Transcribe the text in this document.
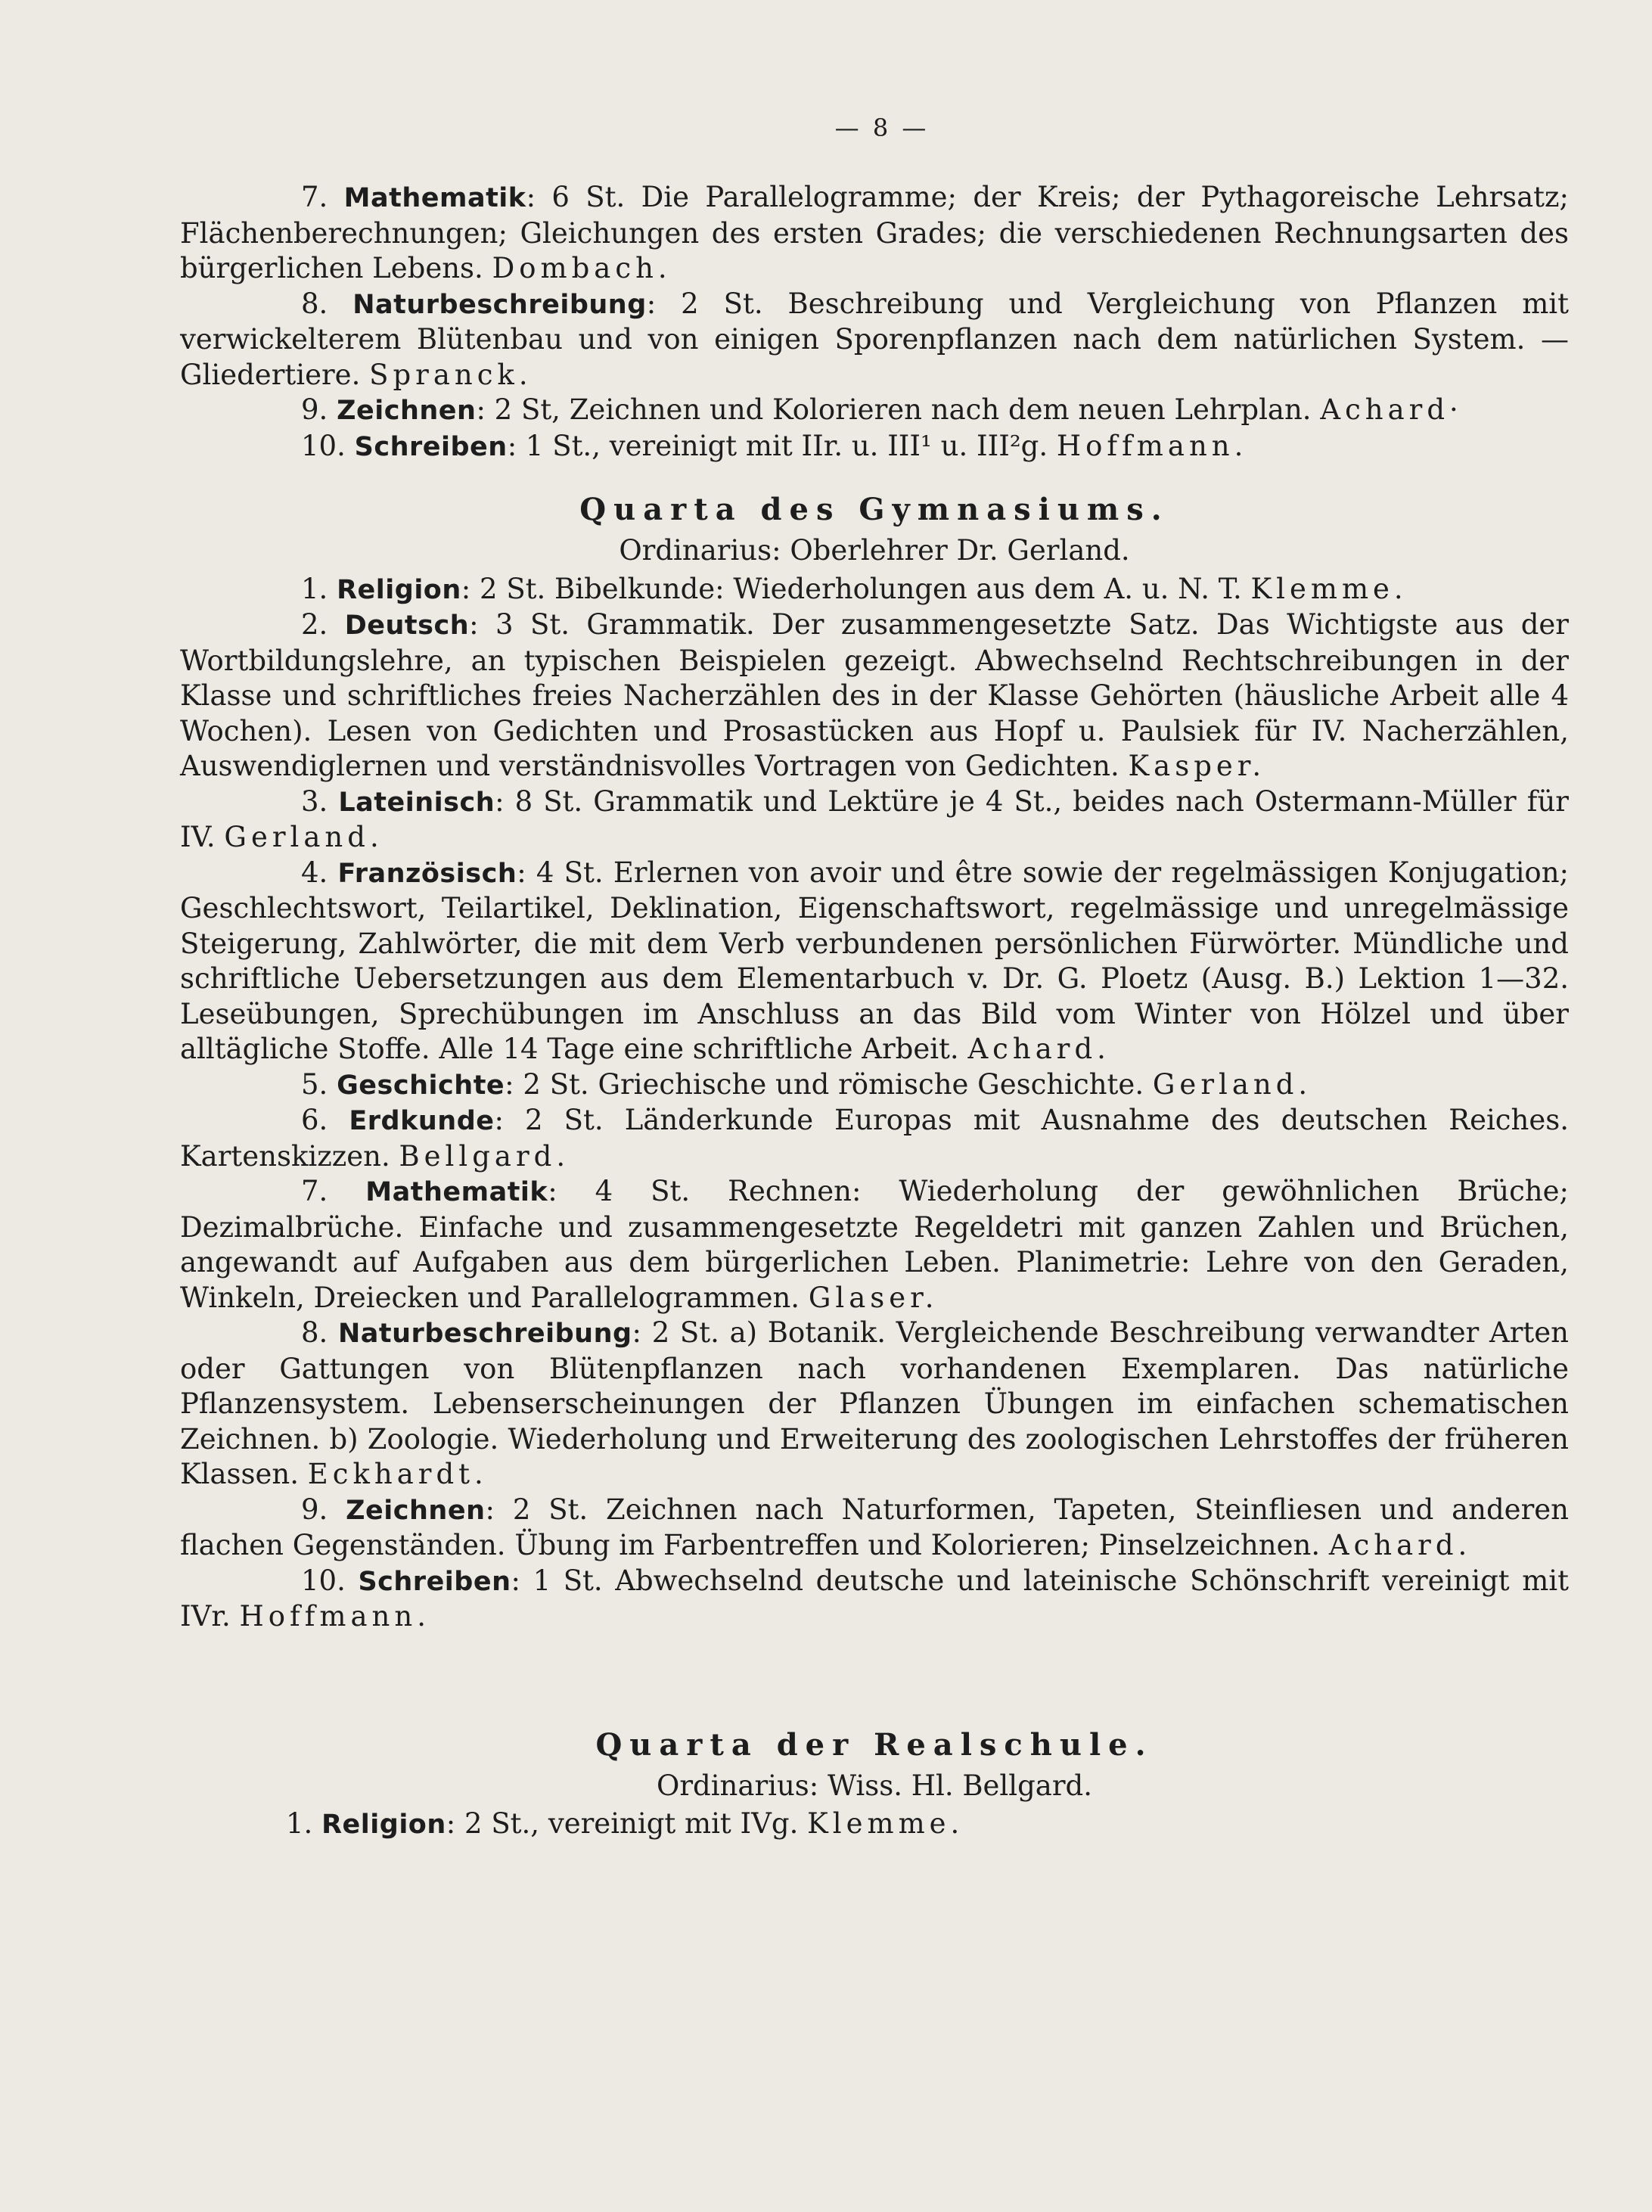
— 8 —

7. Mathematik: 6 St. Die Parallelogramme; der Kreis; der Pythagoreische Lehrsatz; Flächenberechnungen; Gleichungen des ersten Grades; die verschiedenen Rechnungsarten des bürgerlichen Lebens. Dombach.

8. Naturbeschreibung: 2 St. Beschreibung und Vergleichung von Pflanzen mit verwickelterem Blütenbau und von einigen Sporenpflanzen nach dem natürlichen System. — Gliedertiere. Spranck.

9. Zeichnen: 2 St, Zeichnen und Kolorieren nach dem neuen Lehrplan. Achard·

10. Schreiben: 1 St., vereinigt mit IIr. u. III¹ u. III²g. Hoffmann.

Quarta des Gymnasiums.
Ordinarius: Oberlehrer Dr. Gerland.

1. Religion: 2 St. Bibelkunde: Wiederholungen aus dem A. u. N. T. Klemme.

2. Deutsch: 3 St. Grammatik. Der zusammengesetzte Satz. Das Wichtigste aus der Wortbildungslehre, an typischen Beispielen gezeigt. Abwechselnd Rechtschreibungen in der Klasse und schriftliches freies Nacherzählen des in der Klasse Gehörten (häusliche Arbeit alle 4 Wochen). Lesen von Gedichten und Prosastücken aus Hopf u. Paulsiek für IV. Nacherzählen, Auswendiglernen und verständnisvolles Vortragen von Gedichten. Kasper.

3. Lateinisch: 8 St. Grammatik und Lektüre je 4 St., beides nach Ostermann-Müller für IV. Gerland.

4. Französisch: 4 St. Erlernen von avoir und être sowie der regelmässigen Konjugation; Geschlechtswort, Teilartikel, Deklination, Eigenschaftswort, regelmässige und unregelmässige Steigerung, Zahlwörter, die mit dem Verb verbundenen persönlichen Fürwörter. Mündliche und schriftliche Uebersetzungen aus dem Elementarbuch v. Dr. G. Ploetz (Ausg. B.) Lektion 1—32. Leseübungen, Sprechübungen im Anschluss an das Bild vom Winter von Hölzel und über alltägliche Stoffe. Alle 14 Tage eine schriftliche Arbeit. Achard.

5. Geschichte: 2 St. Griechische und römische Geschichte. Gerland.

6. Erdkunde: 2 St. Länderkunde Europas mit Ausnahme des deutschen Reiches. Kartenskizzen. Bellgard.

7. Mathematik: 4 St. Rechnen: Wiederholung der gewöhnlichen Brüche; Dezimalbrüche. Einfache und zusammengesetzte Regeldetri mit ganzen Zahlen und Brüchen, angewandt auf Aufgaben aus dem bürgerlichen Leben. Planimetrie: Lehre von den Geraden, Winkeln, Dreiecken und Parallelogrammen. Glaser.

8. Naturbeschreibung: 2 St. a) Botanik. Vergleichende Beschreibung verwandter Arten oder Gattungen von Blütenpflanzen nach vorhandenen Exemplaren. Das natürliche Pflanzensystem. Lebenserscheinungen der Pflanzen Übungen im einfachen schematischen Zeichnen. b) Zoologie. Wiederholung und Erweiterung des zoologischen Lehrstoffes der früheren Klassen. Eckhardt.

9. Zeichnen: 2 St. Zeichnen nach Naturformen, Tapeten, Steinfliesen und anderen flachen Gegenständen. Übung im Farbentreffen und Kolorieren; Pinselzeichnen. Achard.

10. Schreiben: 1 St. Abwechselnd deutsche und lateinische Schönschrift vereinigt mit IVr. Hoffmann.

Quarta der Realschule.
Ordinarius: Wiss. Hl. Bellgard.

1. Religion: 2 St., vereinigt mit IVg. Klemme.
